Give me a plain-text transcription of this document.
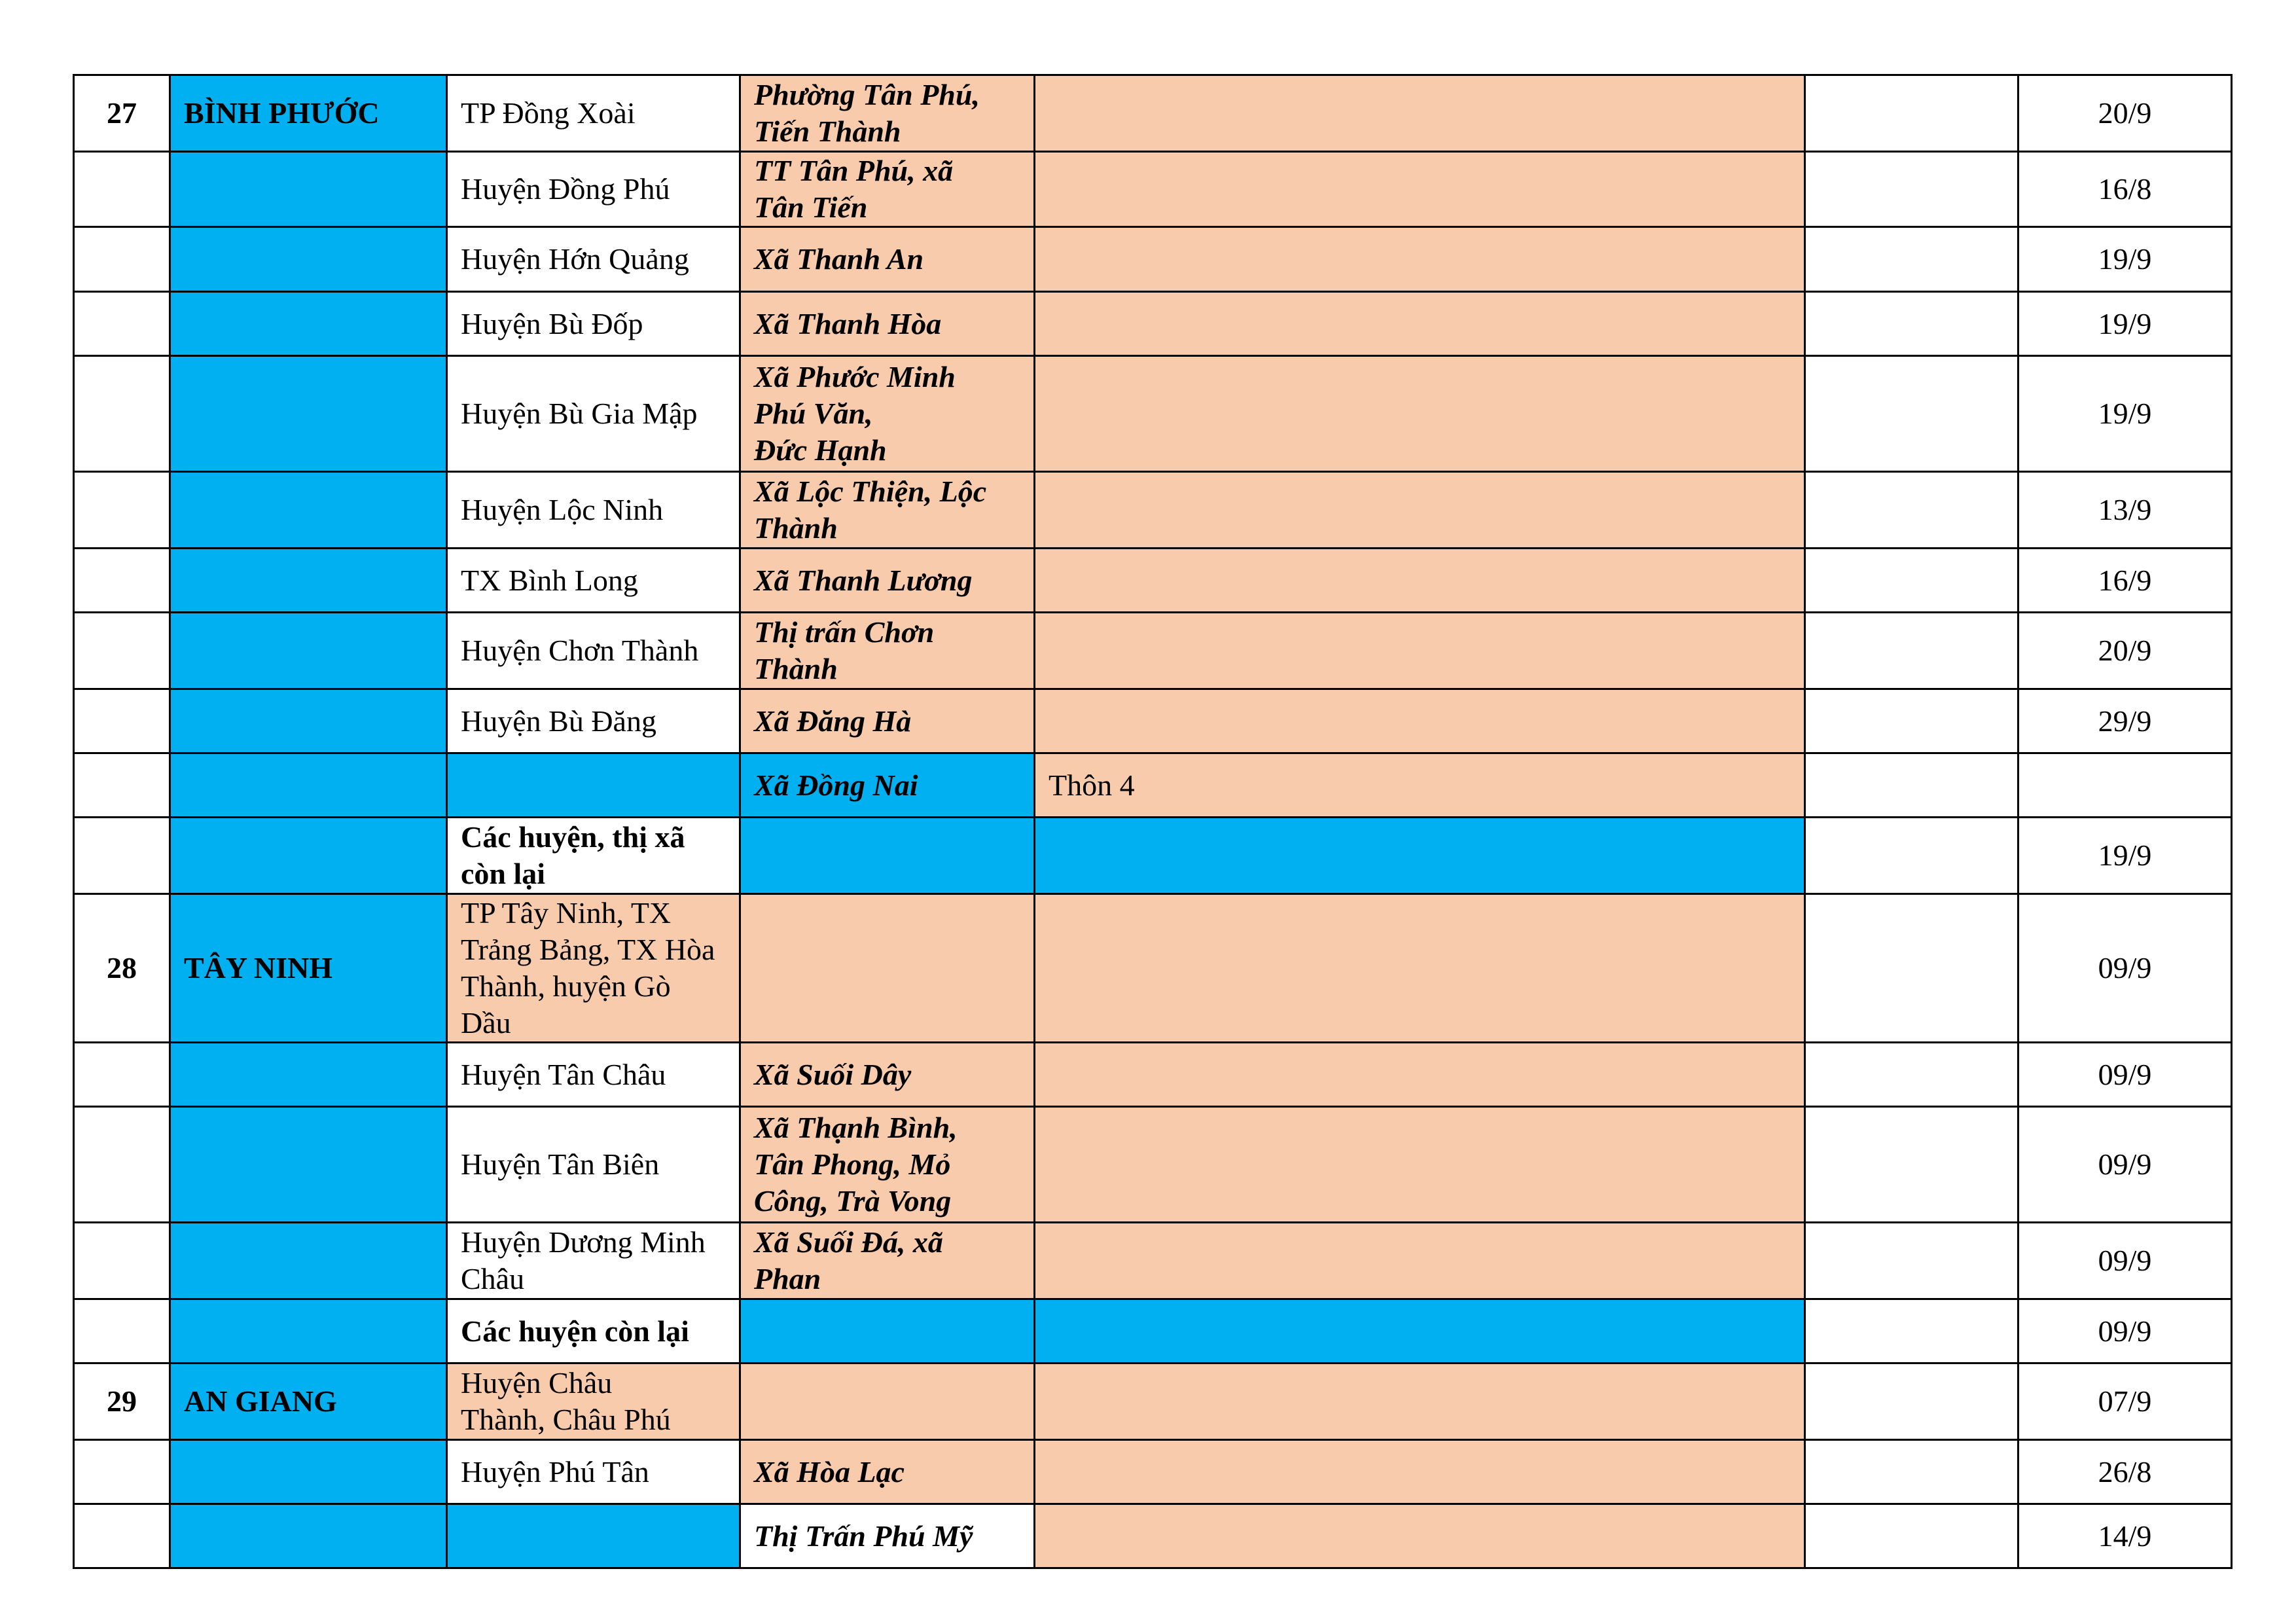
27	BÌNH PHƯỚC	TP Đồng Xoài	Phường Tân Phú,
Tiến Thành			20/9
		Huyện Đồng Phú	TT Tân Phú, xã
Tân Tiến			16/8
		Huyện Hớn Quảng	Xã Thanh An			19/9
		Huyện Bù Đốp	Xã Thanh Hòa			19/9
		Huyện Bù Gia Mập	Xã Phước Minh
Phú Văn,
Đức Hạnh			19/9
		Huyện Lộc Ninh	Xã Lộc Thiện, Lộc
Thành			13/9
		TX Bình Long	Xã Thanh Lương			16/9
		Huyện Chơn Thành	Thị trấn Chơn
Thành			20/9
		Huyện Bù Đăng	Xã Đăng Hà			29/9
			Xã Đồng Nai	Thôn 4		
		Các huyện, thị xã
còn lại				19/9
28	TÂY NINH	TP Tây Ninh, TX
Trảng Bảng, TX Hòa
Thành, huyện Gò
Dầu				09/9
		Huyện Tân Châu	Xã Suối Dây			09/9
		Huyện Tân Biên	Xã Thạnh Bình,
Tân Phong, Mỏ
Công, Trà Vong			09/9
		Huyện Dương Minh
Châu	Xã Suối Đá, xã
Phan			09/9
		Các huyện còn lại				09/9
29	AN GIANG	Huyện Châu
Thành, Châu Phú				07/9
		Huyện Phú Tân	Xã Hòa Lạc			26/8
			Thị Trấn Phú Mỹ			14/9
